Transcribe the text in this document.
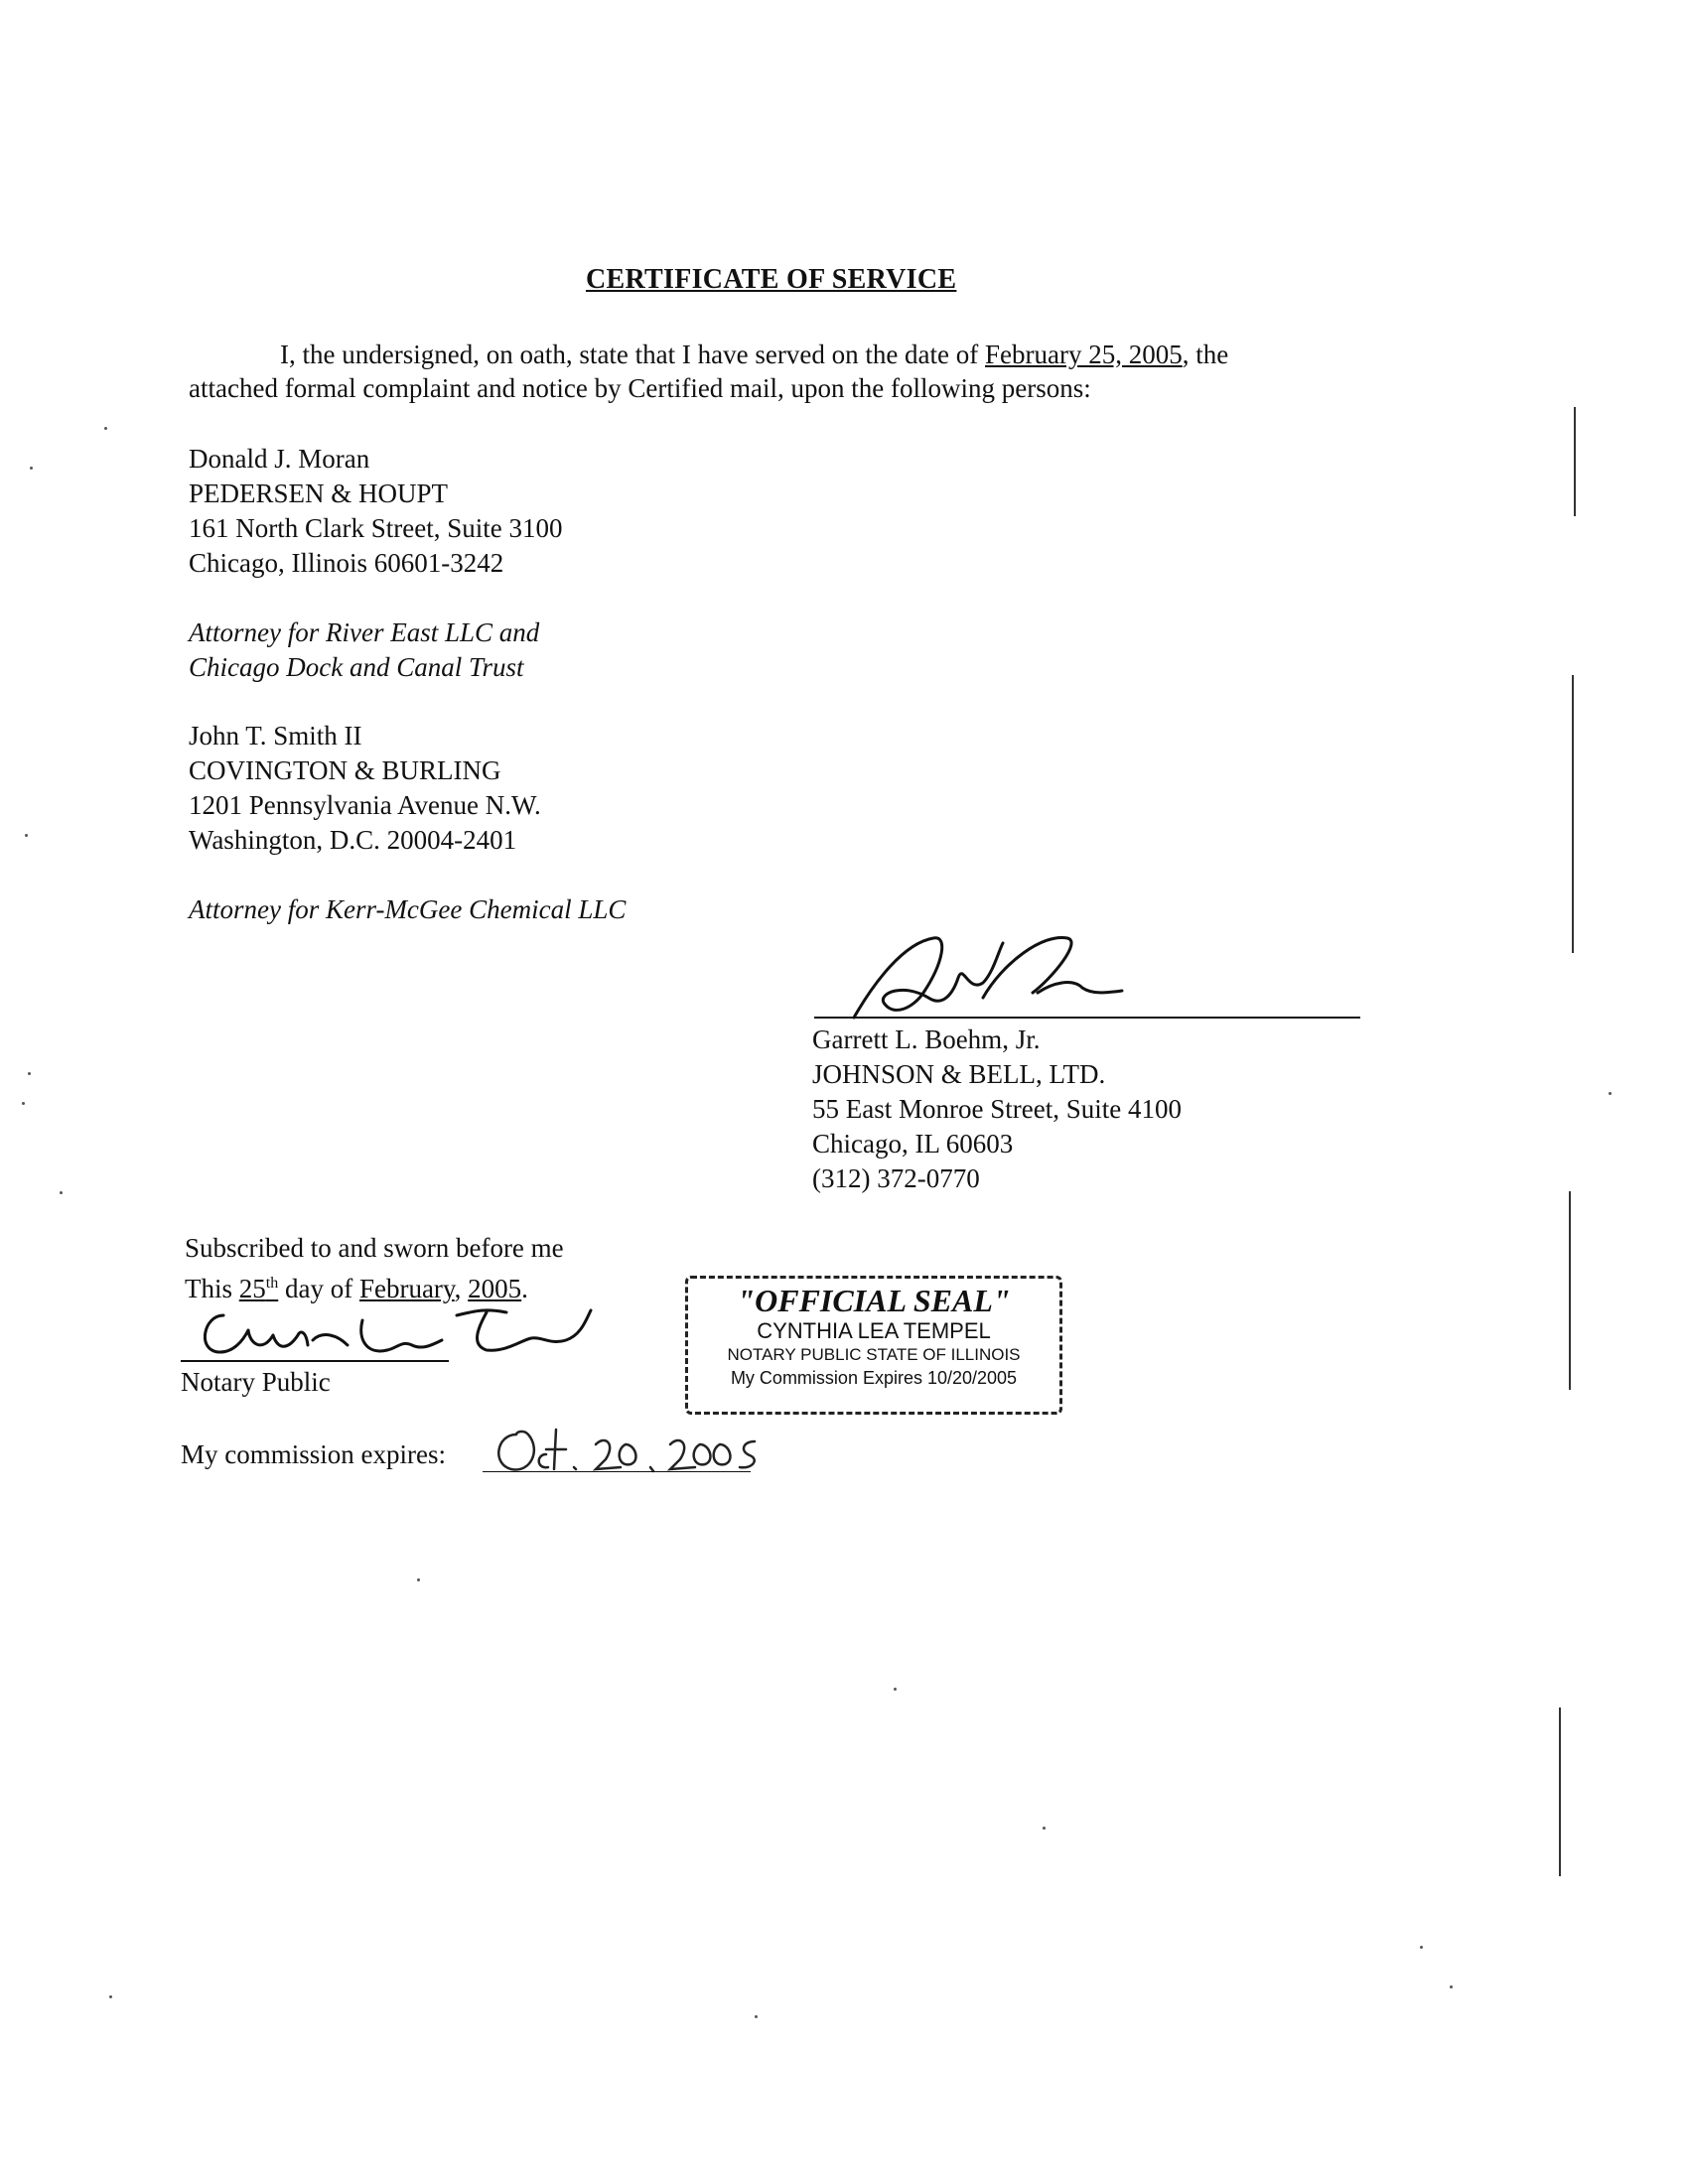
CERTIFICATE OF SERVICE
I, the undersigned, on oath, state that I have served on the date of February 25, 2005, the
attached formal complaint and notice by Certified mail, upon the following persons:
Donald J. Moran
PEDERSEN & HOUPT
161 North Clark Street, Suite 3100
Chicago, Illinois 60601-3242
Attorney for River East LLC and
Chicago Dock and Canal Trust
John T. Smith II
COVINGTON & BURLING
1201 Pennsylvania Avenue N.W.
Washington, D.C. 20004-2401
Attorney for Kerr-McGee Chemical LLC
Garrett L. Boehm, Jr.
JOHNSON & BELL, LTD.
55 East Monroe Street, Suite 4100
Chicago, IL 60603
(312) 372-0770
Subscribed to and sworn before me
This 25th day of February, 2005.
Notary Public
My commission expires:
"OFFICIAL SEAL"
CYNTHIA LEA TEMPEL
NOTARY PUBLIC STATE OF ILLINOIS
My Commission Expires 10/20/2005
